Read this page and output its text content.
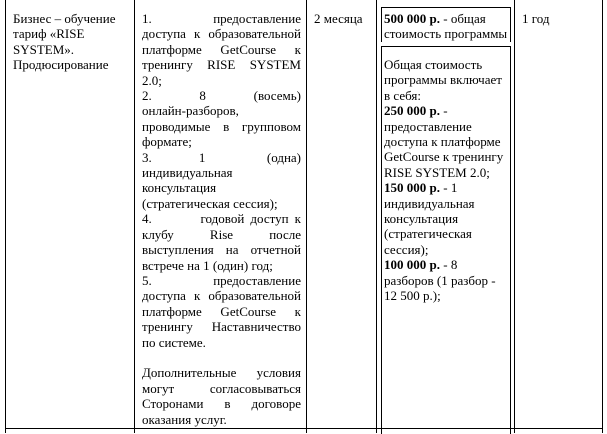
Бизнес – обучение
тариф «RISE
SYSTEM».
Продюсирование
1.            предоставление
доступа к образовательной
платформе GetCourse к
тренингу RISE SYSTEM
2.0;
2.              8              (восемь)
онлайн-разборов,
проводимые в групповом
формате;
3.             1                 (одна)
индивидуальная
консультация
(стратегическая сессия);
4.        годовой доступ к
клубу        Rise        после
выступления на отчетной
встрече на 1 (один) год;
5.          предоставление
доступа к образовательной
платформе GetCourse к
тренингу Наставничество
по системе.
Дополнительные условия
могут         согласовываться
Сторонами в договоре
оказания услуг.
2 месяца	500 000 р. - общая
стоимость программы
Общая стоимость
программы включает
в себя:
250 000 р. -
предоставление
доступа к платформе
GetCourse к тренингу
RISE SYSTEM 2.0;
150 000 р. - 1
индивидуальная
консультация
(стратегическая
сессия);
100 000 р. - 8
разборов (1 разбор -
12 500 р.);
1 год
